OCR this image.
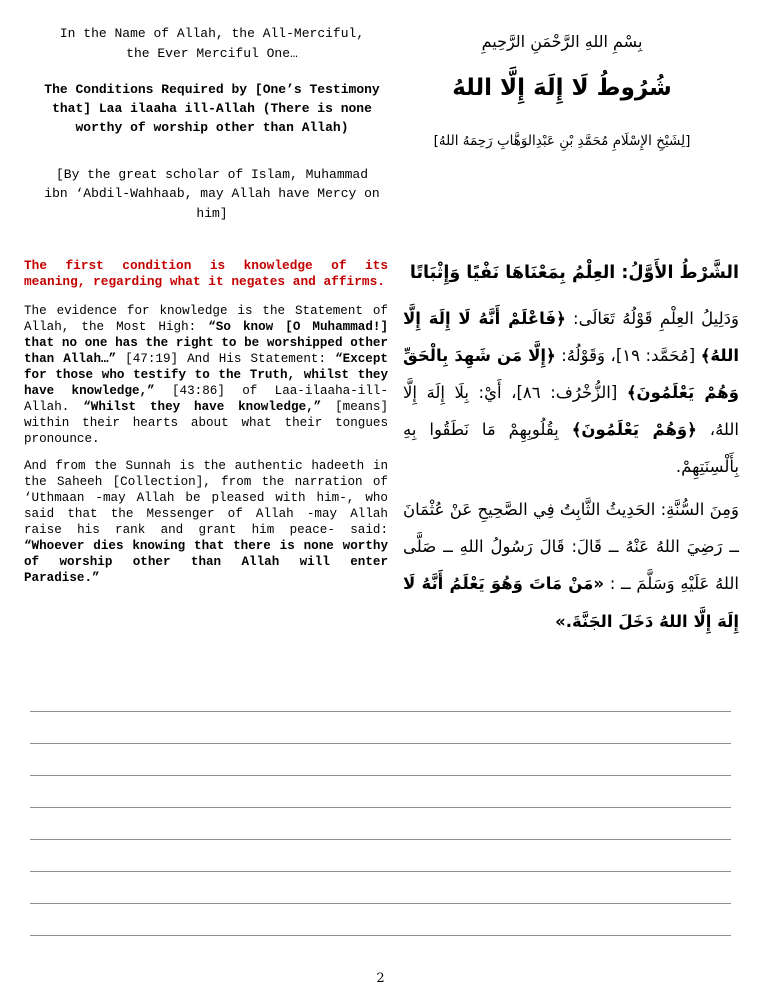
In the Name of Allah, the All-Merciful,
the Ever Merciful One…
The Conditions Required by [One’s Testimony that] Laa ilaaha ill-Allah (There is none worthy of worship other than Allah)
[By the great scholar of Islam, Muhammad ibn ‘Abdil-Wahhaab, may Allah have Mercy on him]
بِسْمِ اللهِ الرَّحْمَنِ الرَّحِيمِ
شُرُوطُ لَا إِلَهَ إِلَّا اللهُ
[لِشَيْخِ الإِسْلَامِ مُحَمَّدِ بْنِ عَبْدِالوَهَّابِ رَحِمَهُ اللهُ]
The first condition is knowledge of its meaning, regarding what it negates and affirms.

The evidence for knowledge is the Statement of Allah, the Most High: “So know [O Muhammad!] that no one has the right to be worshipped other than Allah…” [47:19] And His Statement: “Except for those who testify to the Truth, whilst they have knowledge,” [43:86] of Laa-ilaaha-ill-Allah. “Whilst they have knowledge,” [means] within their hearts about what their tongues pronounce.

And from the Sunnah is the authentic hadeeth in the Saheeh [Collection], from the narration of ‘Uthmaan -may Allah be pleased with him-, who said that the Messenger of Allah -may Allah raise his rank and grant him peace- said: “Whoever dies knowing that there is none worthy of worship other than Allah will enter Paradise.”

الشَّرْطُ الأَوَّلُ: العِلْمُ بِمَعْنَاهَا نَفْيًا وَإِثْبَاتًا

وَدَلِيلُ العِلْمِ قَوْلُهُ تَعَالَى: ﴿فَاعْلَمْ أَنَّهُ لَا إِلَهَ إِلَّا اللهُ﴾ [مُحَمَّد: ١٩]، وَقَوْلُهُ: ﴿إِلَّا مَن شَهِدَ بِالْحَقِّ وَهُمْ يَعْلَمُونَ﴾ [الزُّخْرُف: ٨٦]، أَيْ: بِلَا إِلَهَ إِلَّا اللهُ، ﴿وَهُمْ يَعْلَمُونَ﴾ بِقُلُوبِهِمْ مَا نَطَقُوا بِهِ بِأَلْسِنَتِهِمْ.

وَمِنَ السُّنَّةِ: الحَدِيثُ الثَّابِتُ فِي الصَّحِيحِ عَنْ عُثْمَانَ ــ رَضِيَ اللهُ عَنْهُ ــ قَالَ: قَالَ رَسُولُ اللهِ ــ صَلَّى اللهُ عَلَيْهِ وَسَلَّمَ ــ : «مَنْ مَاتَ وَهُوَ يَعْلَمُ أَنَّهُ لَا إِلَهَ إِلَّا اللهُ دَخَلَ الجَنَّةَ.»

2
